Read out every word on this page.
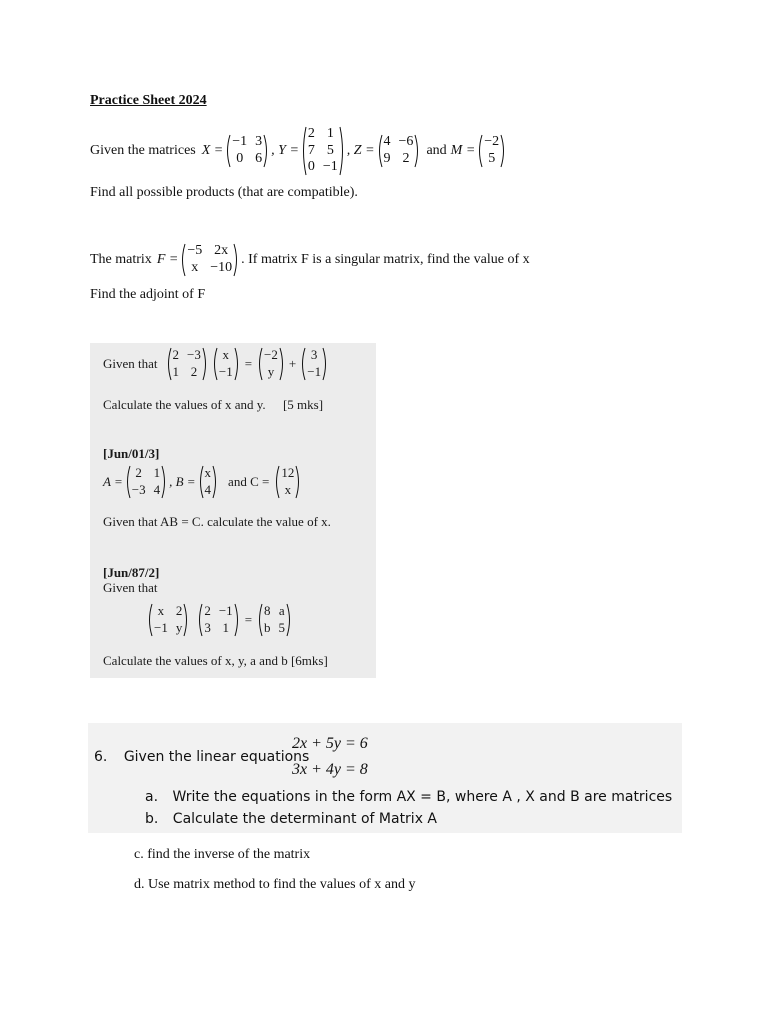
Practice Sheet 2024
Given the matrices X =
−1 3
0 6
, Y =
2 1
7 5
0 −1
, Z =
4 −6
9 2
and M =
−2
5
Find all possible products (that are compatible).
The matrix F =
−5 2x
x −10
. If matrix F is a singular matrix, find the value of x
Find the adjoint of F
Given that
2 −3
1 2
x
−1
=
−2
y
+
3
−1
Calculate the values of x and y. [5 mks]
[Jun/01/3]
A =
2 1
−3 4
, B =
x
4
and C =
12
x
Given that AB = C. calculate the value of x.
[Jun/87/2]
Given that
x 2
−1 y
2 −1
3 1
=
8 a
b 5
Calculate the values of x, y, a and b [6mks]
6. Given the linear equations
2x + 5y = 6
3x + 4y = 8
a. Write the equations in the form AX = B, where A , X and B are matrices
b. Calculate the determinant of Matrix A
c. find the inverse of the matrix
d. Use matrix method to find the values of x and y
